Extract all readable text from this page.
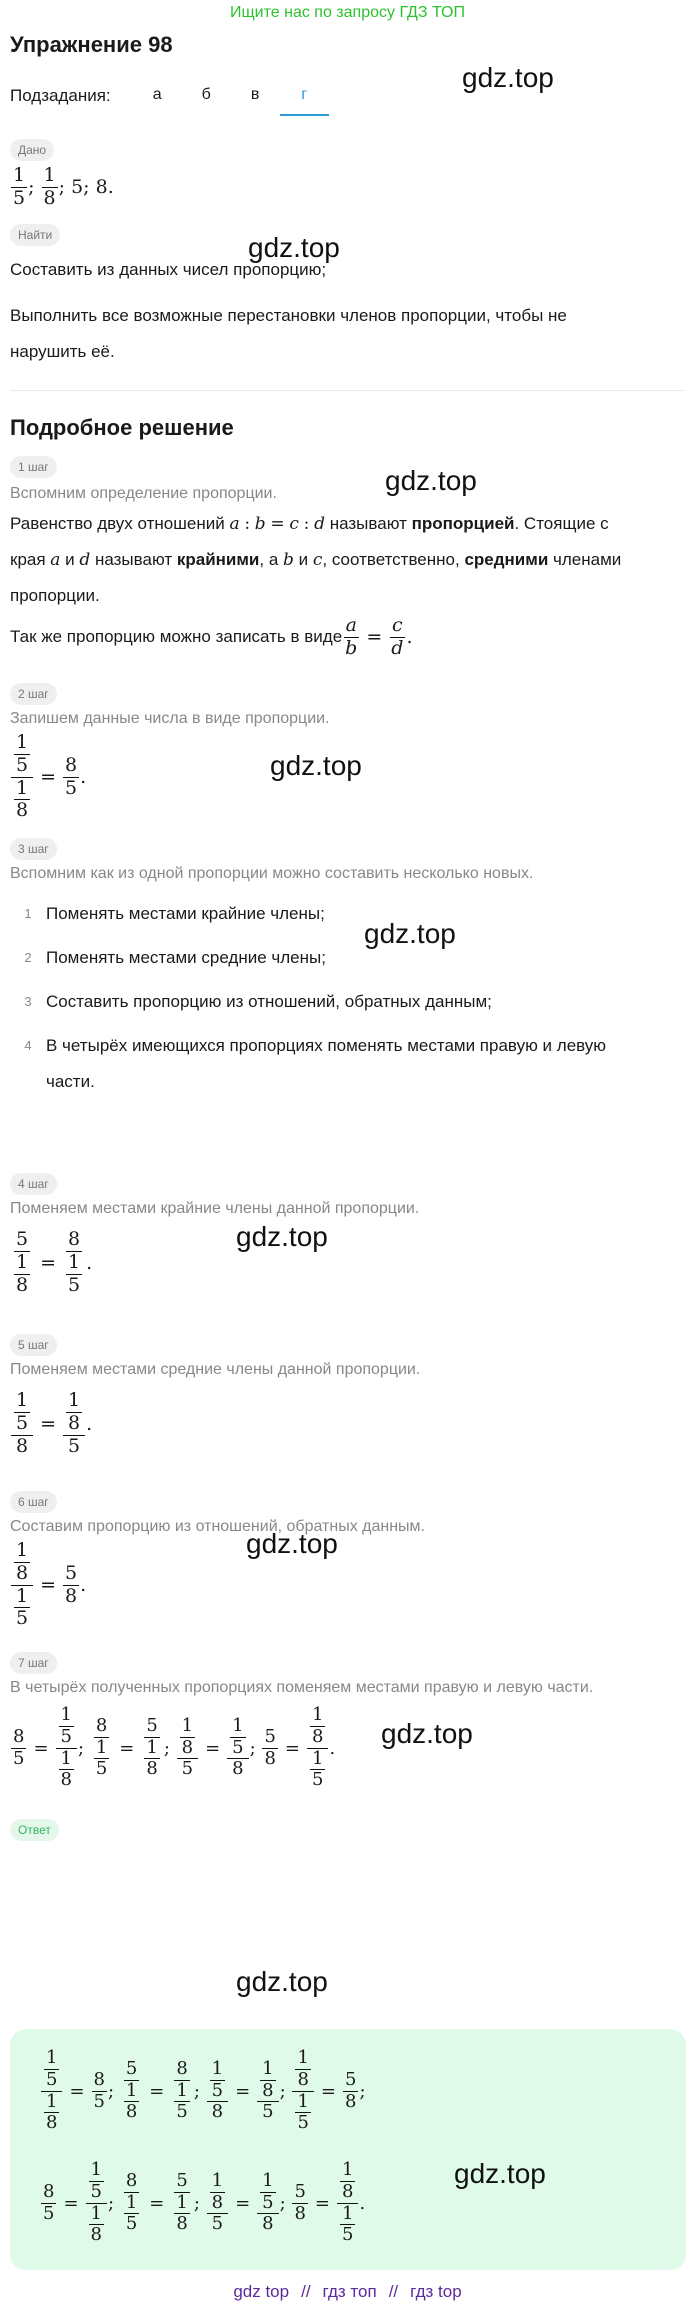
Ищите нас по запросу ГДЗ ТОП
Упражнение 98
Подзадания:	а	б	в	г
Дано
$\frac{1}{5}$ ;
$\frac{1}{8}$ ; 5; 8.
Найти
Составить из данных чисел пропорцию;
Выполнить все возможные перестановки членов пропорции, чтобы не
нарушить её.
Подробное решение
1 шаг
Вспомним определение пропорции.
Равенство двух отношений a : b = c : d называют пропорцией. Стоящие с
края a и d называют крайними, а b и c, соответственно, средними членами
пропорции.
Так же пропорцию можно записать в виде $\frac{a}{b} = \frac{c}{d}$ .
2 шаг
Запишем данные числа в виде пропорции.
$\frac{\frac{1}{5}}{\frac{1}{8}} = \frac{8}{5}$ .
3 шаг
Вспомним как из одной пропорции можно составить несколько новых.
1 Поменять местами крайние члены;
2 Поменять местами средние члены;
3 Составить пропорцию из отношений, обратных данным;
4 В четырёх имеющихся пропорциях поменять местами правую и левую
части.
4 шаг
Поменяем местами крайние члены данной пропорции.
$\frac{5}{\frac{1}{8}} = \frac{8}{\frac{1}{5}}$ .
5 шаг
Поменяем местами средние члены данной пропорции.
$\frac{\frac{1}{5}}{8} = \frac{\frac{1}{8}}{5}$ .
6 шаг
Составим пропорцию из отношений, обратных данным.
$\frac{\frac{1}{8}}{\frac{1}{5}} = \frac{5}{8}$ .
7 шаг
В четырёх полученных пропорциях поменяем местами правую и левую части.
$\frac{8}{5} = \frac{\frac{1}{5}}{\frac{1}{8}}$ ;
$\frac{8}{\frac{1}{5}} = \frac{5}{\frac{1}{8}}$ ;
$\frac{\frac{1}{8}}{5} = \frac{\frac{1}{5}}{8}$ ;
$\frac{5}{8} = \frac{\frac{1}{8}}{\frac{1}{5}}$ .
Ответ
$\frac{\frac{1}{5}}{\frac{1}{8}} = \frac{8}{5}$ ;
$\frac{5}{\frac{1}{8}} = \frac{8}{\frac{1}{5}}$ ;
$\frac{\frac{1}{5}}{8} = \frac{\frac{1}{8}}{5}$ ;
$\frac{\frac{1}{8}}{\frac{1}{5}} = \frac{5}{8}$ ;
$\frac{8}{5} = \frac{\frac{1}{5}}{\frac{1}{8}}$ ;
$\frac{8}{\frac{1}{5}} = \frac{5}{\frac{1}{8}}$ ;
$\frac{\frac{1}{8}}{5} = \frac{\frac{1}{5}}{8}$ ;
$\frac{5}{8} = \frac{\frac{1}{8}}{\frac{1}{5}}$ .
gdz.top
gdz.top
gdz.top
gdz.top
gdz.top
gdz.top
gdz.top
gdz.top
gdz.top
gdz.top
gdz top // гдз топ // гдз top
